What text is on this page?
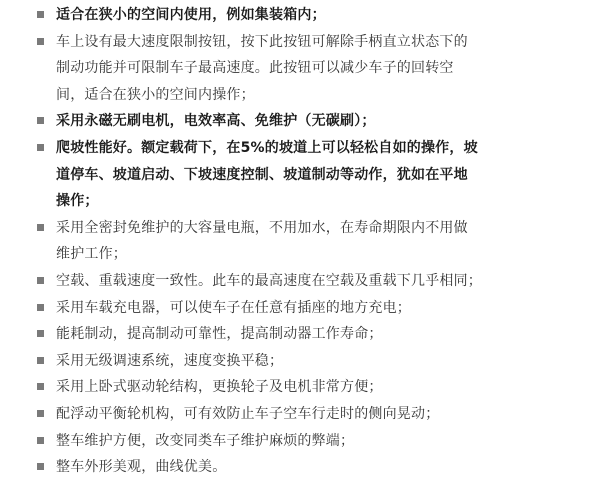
适合在狭小的空间内使用，例如集装箱内；
车上设有最大速度限制按钮，按下此按钮可解除手柄直立状态下的
制动功能并可限制车子最高速度。此按钮可以减少车子的回转空
间，适合在狭小的空间内操作；
采用永磁无刷电机，电效率高、免维护（无碳刷）；
爬坡性能好。额定载荷下，在5%的坡道上可以轻松自如的操作，坡
道停车、坡道启动、下坡速度控制、坡道制动等动作，犹如在平地
操作；
采用全密封免维护的大容量电瓶，不用加水，在寿命期限内不用做
维护工作；
空载、重载速度一致性。此车的最高速度在空载及重载下几乎相同；
采用车载充电器，可以使车子在任意有插座的地方充电；
能耗制动，提高制动可靠性，提高制动器工作寿命；
采用无级调速系统，速度变换平稳；
采用上卧式驱动轮结构，更换轮子及电机非常方便；
配浮动平衡轮机构，可有效防止车子空车行走时的侧向晃动；
整车维护方便，改变同类车子维护麻烦的弊端；
整车外形美观，曲线优美。
